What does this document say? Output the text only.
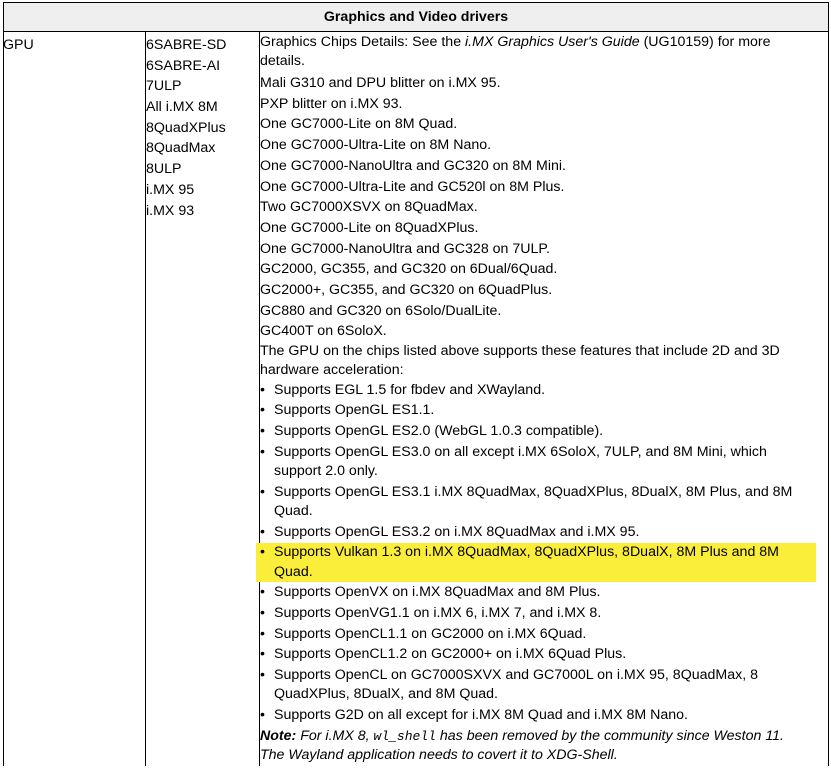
Graphics and Video drivers
GPU	6SABRE-SD
6SABRE-AI
7ULP
All i.MX 8M
8QuadXPlus
8QuadMax
8ULP
i.MX 95
i.MX 93

Graphics Chips Details: See the i.MX Graphics User's Guide (UG10159) for more details.

Mali G310 and DPU blitter on i.MX 95.
PXP blitter on i.MX 93.
One GC7000-Lite on 8M Quad.
One GC7000-Ultra-Lite on 8M Nano.
One GC7000-NanoUltra and GC320 on 8M Mini.
One GC7000-Ultra-Lite and GC520l on 8M Plus.
Two GC7000XSVX on 8QuadMax.
One GC7000-Lite on 8QuadXPlus.
One GC7000-NanoUltra and GC328 on 7ULP.
GC2000, GC355, and GC320 on 6Dual/6Quad.
GC2000+, GC355, and GC320 on 6QuadPlus.
GC880 and GC320 on 6Solo/DualLite.
GC400T on 6SoloX.

The GPU on the chips listed above supports these features that include 2D and 3D hardware acceleration:

• Supports EGL 1.5 for fbdev and XWayland.
• Supports OpenGL ES1.1.
• Supports OpenGL ES2.0 (WebGL 1.0.3 compatible).
• Supports OpenGL ES3.0 on all except i.MX 6SoloX, 7ULP, and 8M Mini, which support 2.0 only.
• Supports OpenGL ES3.1 i.MX 8QuadMax, 8QuadXPlus, 8DualX, 8M Plus, and 8M Quad.
• Supports OpenGL ES3.2 on i.MX 8QuadMax and i.MX 95.
• Supports Vulkan 1.3 on i.MX 8QuadMax, 8QuadXPlus, 8DualX, 8M Plus and 8M Quad.
• Supports OpenVX on i.MX 8QuadMax and 8M Plus.
• Supports OpenVG1.1 on i.MX 6, i.MX 7, and i.MX 8.
• Supports OpenCL1.1 on GC2000 on i.MX 6Quad.
• Supports OpenCL1.2 on GC2000+ on i.MX 6Quad Plus.
• Supports OpenCL on GC7000SXVX and GC7000L on i.MX 95, 8QuadMax, 8 QuadXPlus, 8DualX, and 8M Quad.
• Supports G2D on all except for i.MX 8M Quad and i.MX 8M Nano.
Note: For i.MX 8, wl_shell has been removed by the community since Weston 11. The Wayland application needs to covert it to XDG-Shell.
